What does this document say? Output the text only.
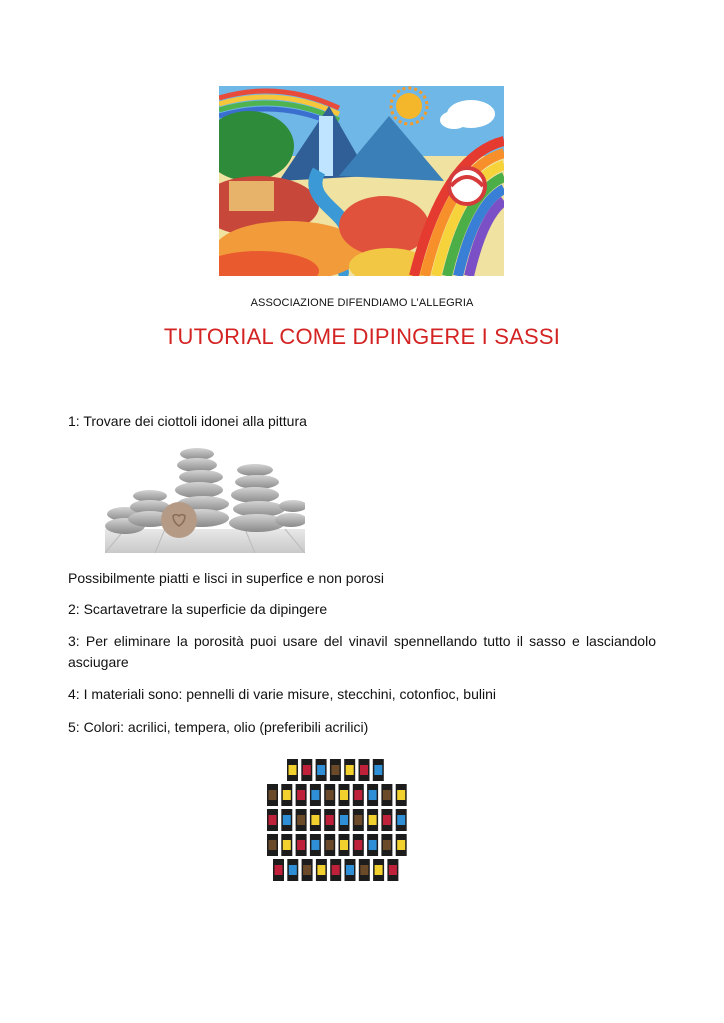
ASSOCIAZIONE DIFENDIAMO L’ALLEGRIA
TUTORIAL COME DIPINGERE I SASSI
1: Trovare dei ciottoli idonei alla pittura
Possibilmente piatti e lisci in superfice e non porosi
2: Scartavetrare la superficie da dipingere
3: Per eliminare la porosità puoi usare del vinavil spennellando tutto il sasso e lasciandolo asciugare
4: I materiali sono: pennelli di varie misure, stecchini, cotonfioc, bulini
5: Colori: acrilici, tempera, olio (preferibili acrilici)
